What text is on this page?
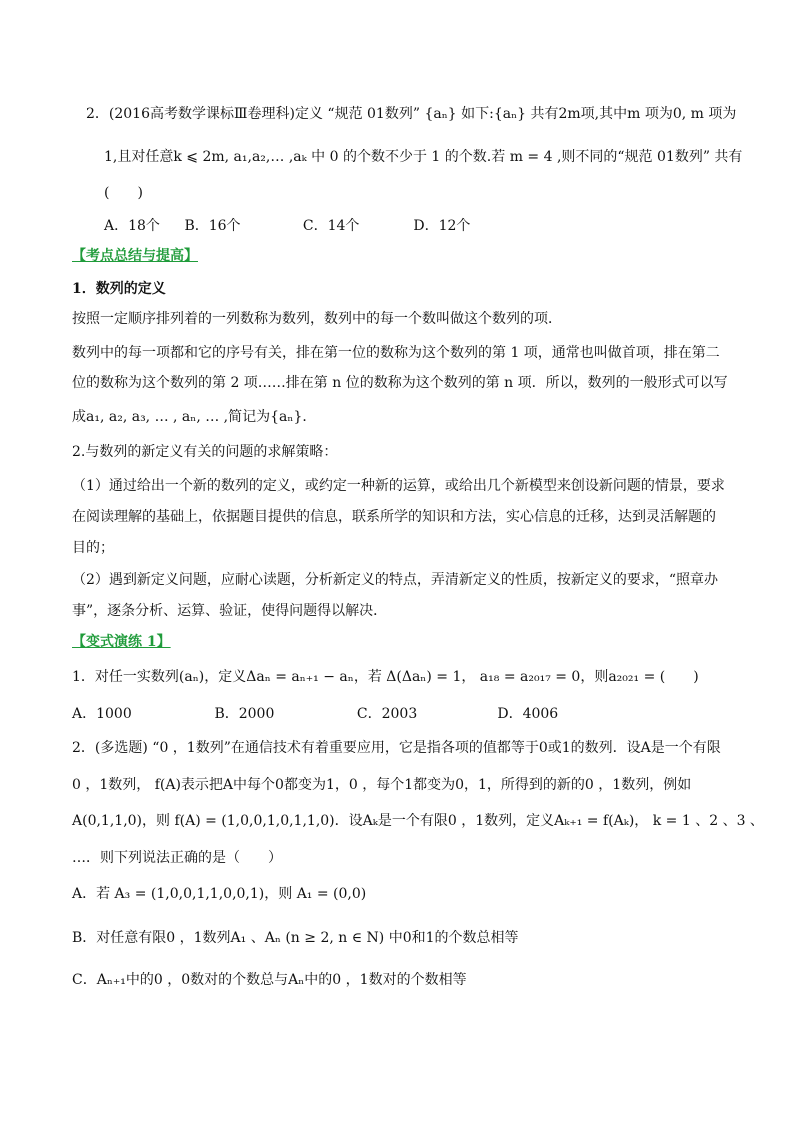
2．(2016高考数学课标Ⅲ卷理科)定义 “规范 01数列” {aₙ} 如下:{aₙ} 共有2m项,其中m 项为0, m 项为
1,且对任意k ⩽ 2m, a₁,a₂,… ,aₖ 中 0 的个数不少于 1 的个数.若 m = 4 ,则不同的“规范 01数列” 共有
(　　)
A．18个 B．16个	C．14个	D．12个
【考点总结与提高】
1．数列的定义
按照一定顺序排列着的一列数称为数列，数列中的每一个数叫做这个数列的项．
数列中的每一项都和它的序号有关，排在第一位的数称为这个数列的第 1 项，通常也叫做首项，排在第二
位的数称为这个数列的第 2 项……排在第 n 位的数称为这个数列的第 n 项．所以，数列的一般形式可以写
成a₁, a₂, a₃, … , aₙ, … ,简记为{aₙ}．
2.与数列的新定义有关的问题的求解策略：
（1）通过给出一个新的数列的定义，或约定一种新的运算，或给出几个新模型来创设新问题的情景，要求
在阅读理解的基础上，依据题目提供的信息，联系所学的知识和方法，实心信息的迁移，达到灵活解题的
目的；
（2）遇到新定义问题，应耐心读题，分析新定义的特点，弄清新定义的性质，按新定义的要求，“照章办
事”，逐条分析、运算、验证，使得问题得以解决．
【变式演练 1】
1．对任一实数列(aₙ)，定义Δaₙ = aₙ₊₁ − aₙ，若 Δ(Δaₙ) = 1， a₁₈ = a₂₀₁₇ = 0，则a₂₀₂₁ = (　　)
A．1000	B．2000	C．2003	D．4006
2．(多选题) “0 ，1数列”在通信技术有着重要应用，它是指各项的值都等于0或1的数列．设A是一个有限
0 ，1数列， f(A)表示把A中每个0都变为1，0 ，每个1都变为0，1，所得到的新的0 ，1数列，例如
A(0,1,1,0)，则 f(A) = (1,0,0,1,0,1,1,0)．设Aₖ是一个有限0 ，1数列，定义Aₖ₊₁ = f(Aₖ)， k = 1 、2 、3 、
…．则下列说法正确的是（　　）
A．若 A₃ = (1,0,0,1,1,0,0,1)，则 A₁ = (0,0)
B．对任意有限0 ，1数列A₁ 、Aₙ (n ≥ 2, n ∈ N) 中0和1的个数总相等
C．Aₙ₊₁中的0 ，0数对的个数总与Aₙ中的0 ，1数对的个数相等
